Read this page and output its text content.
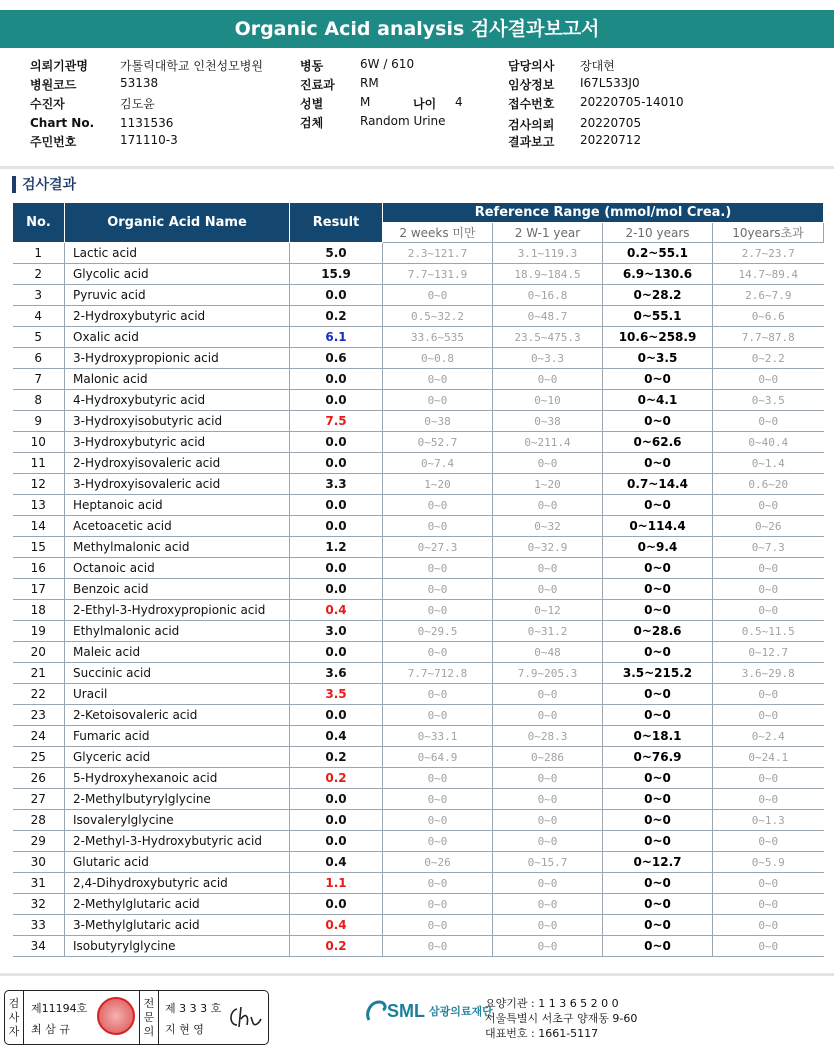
Organic Acid analysis 검사결과보고서
의뢰기관명	가톨릭대학교 인천성모병원
병원코드	53138
수진자	김도윤
Chart No. 1131536
주민번호	171110-3
병동	6W / 610
진료과 RM
성별	M	나이 4
검체	Random Urine
담당의사 장대현
임상정보 I67L533J0
접수번호 20220705-14010
검사의뢰 20220705
결과보고 20220712
검사결과
No.	Organic Acid Name	Result	Reference Range (mmol/mol Crea.)			
			2 weeks 미만	2 W-1 year	2-10 years	10years초과
1	Lactic acid	5.0	2.3~121.7	3.1~119.3	0.2~55.1	2.7~23.7
2	Glycolic acid	15.9	7.7~131.9	18.9~184.5	6.9~130.6	14.7~89.4
3	Pyruvic acid	0.0	0~0	0~16.8	0~28.2	2.6~7.9
4	2-Hydroxybutyric acid	0.2	0.5~32.2	0~48.7	0~55.1	0~6.6
5	Oxalic acid	6.1	33.6~535	23.5~475.3	10.6~258.9	7.7~87.8
6	3-Hydroxypropionic acid	0.6	0~0.8	0~3.3	0~3.5	0~2.2
7	Malonic acid	0.0	0~0	0~0	0~0	0~0
8	4-Hydroxybutyric acid	0.0	0~0	0~10	0~4.1	0~3.5
9	3-Hydroxyisobutyric acid	7.5	0~38	0~38	0~0	0~0
10	3-Hydroxybutyric acid	0.0	0~52.7	0~211.4	0~62.6	0~40.4
11	2-Hydroxyisovaleric acid	0.0	0~7.4	0~0	0~0	0~1.4
12	3-Hydroxyisovaleric acid	3.3	1~20	1~20	0.7~14.4	0.6~20
13	Heptanoic acid	0.0	0~0	0~0	0~0	0~0
14	Acetoacetic acid	0.0	0~0	0~32	0~114.4	0~26
15	Methylmalonic acid	1.2	0~27.3	0~32.9	0~9.4	0~7.3
16	Octanoic acid	0.0	0~0	0~0	0~0	0~0
17	Benzoic acid	0.0	0~0	0~0	0~0	0~0
18	2-Ethyl-3-Hydroxypropionic acid	0.4	0~0	0~12	0~0	0~0
19	Ethylmalonic acid	3.0	0~29.5	0~31.2	0~28.6	0.5~11.5
20	Maleic acid	0.0	0~0	0~48	0~0	0~12.7
21	Succinic acid	3.6	7.7~712.8	7.9~205.3	3.5~215.2	3.6~29.8
22	Uracil	3.5	0~0	0~0	0~0	0~0
23	2-Ketoisovaleric acid	0.0	0~0	0~0	0~0	0~0
24	Fumaric acid	0.4	0~33.1	0~28.3	0~18.1	0~2.4
25	Glyceric acid	0.2	0~64.9	0~286	0~76.9	0~24.1
26	5-Hydroxyhexanoic acid	0.2	0~0	0~0	0~0	0~0
27	2-Methylbutyrylglycine	0.0	0~0	0~0	0~0	0~0
28	Isovalerylglycine	0.0	0~0	0~0	0~0	0~1.3
29	2-Methyl-3-Hydroxybutyric acid	0.0	0~0	0~0	0~0	0~0
30	Glutaric acid	0.4	0~26	0~15.7	0~12.7	0~5.9
31	2,4-Dihydroxybutyric acid	1.1	0~0	0~0	0~0	0~0
32	2-Methylglutaric acid	0.0	0~0	0~0	0~0	0~0
33	3-Methylglutaric acid	0.4	0~0	0~0	0~0	0~0
34	Isobutyrylglycine	0.2	0~0	0~0	0~0	0~0
검
사
자
제11194호
최 삼 규
전
문
의
제 3 3 3 호
지 현 영
SML 삼광의료재단
요양기관 : 1 1 3 6 5 2 0 0
서울특별시 서초구 양재동 9-60
대표번호 : 1661-5117
